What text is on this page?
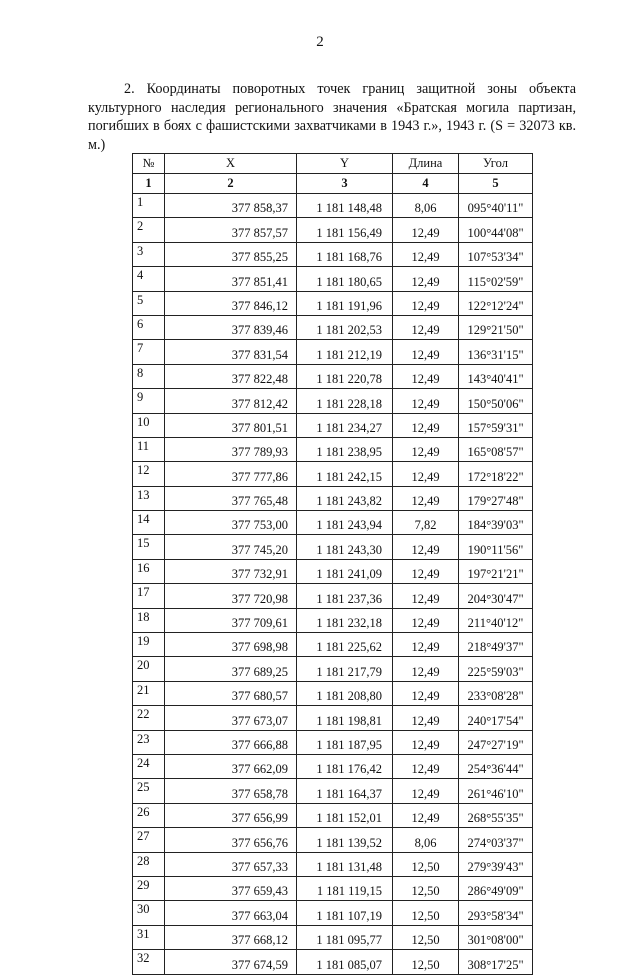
2

2. Координаты поворотных точек границ защитной зоны объекта культурного наследия регионального значения «Братская могила партизан, погибших в боях с фашистскими захватчиками в 1943 г.», 1943 г. (S = 32073 кв. м.)

№	X	Y	Длина	Угол
1	2	3	4	5
1	377 858,37	1 181 148,48	8,06	095°40'11"
2	377 857,57	1 181 156,49	12,49	100°44'08"
3	377 855,25	1 181 168,76	12,49	107°53'34"
4	377 851,41	1 181 180,65	12,49	115°02'59"
5	377 846,12	1 181 191,96	12,49	122°12'24"
6	377 839,46	1 181 202,53	12,49	129°21'50"
7	377 831,54	1 181 212,19	12,49	136°31'15"
8	377 822,48	1 181 220,78	12,49	143°40'41"
9	377 812,42	1 181 228,18	12,49	150°50'06"
10	377 801,51	1 181 234,27	12,49	157°59'31"
11	377 789,93	1 181 238,95	12,49	165°08'57"
12	377 777,86	1 181 242,15	12,49	172°18'22"
13	377 765,48	1 181 243,82	12,49	179°27'48"
14	377 753,00	1 181 243,94	7,82	184°39'03"
15	377 745,20	1 181 243,30	12,49	190°11'56"
16	377 732,91	1 181 241,09	12,49	197°21'21"
17	377 720,98	1 181 237,36	12,49	204°30'47"
18	377 709,61	1 181 232,18	12,49	211°40'12"
19	377 698,98	1 181 225,62	12,49	218°49'37"
20	377 689,25	1 181 217,79	12,49	225°59'03"
21	377 680,57	1 181 208,80	12,49	233°08'28"
22	377 673,07	1 181 198,81	12,49	240°17'54"
23	377 666,88	1 181 187,95	12,49	247°27'19"
24	377 662,09	1 181 176,42	12,49	254°36'44"
25	377 658,78	1 181 164,37	12,49	261°46'10"
26	377 656,99	1 181 152,01	12,49	268°55'35"
27	377 656,76	1 181 139,52	8,06	274°03'37"
28	377 657,33	1 181 131,48	12,50	279°39'43"
29	377 659,43	1 181 119,15	12,50	286°49'09"
30	377 663,04	1 181 107,19	12,50	293°58'34"
31	377 668,12	1 181 095,77	12,50	301°08'00"
32	377 674,59	1 181 085,07	12,50	308°17'25"
